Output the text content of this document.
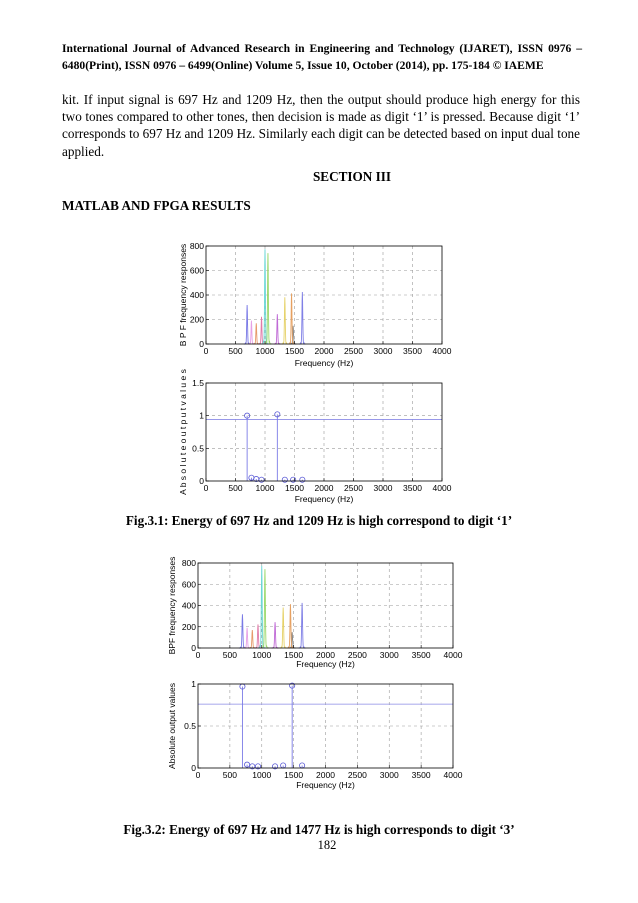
International Journal of Advanced Research in Engineering and Technology (IJARET), ISSN 0976 – 6480(Print), ISSN 0976 – 6499(Online) Volume 5, Issue 10, October (2014), pp. 175-184 © IAEME
kit. If input signal is 697 Hz and 1209 Hz, then the output should produce high energy for this two tones compared to other tones, then decision is made as digit ‘1’ is pressed. Because digit ‘1’ corresponds to 697 Hz and 1209 Hz. Similarly each digit can be detected based on input dual tone applied.
SECTION III
MATLAB AND FPGA RESULTS
0 500 1000 1500 2000 2500 3000 3500 4000
0
200
400
600
800
Frequency (Hz)
B P F frequency responses
0 500 1000 1500 2000 2500 3000 3500 4000
0
0.5
1
1.5
Frequency (Hz)
A b s o l u t e o u t p u t v a l u e s
0	500 1000 1500 2000 2500 3000 3500 4000
0
200
400
600
800
Frequency (Hz)
BPF frequency responses
0	500 1000 1500 2000 2500 3000 3500 4000
0
0.5
1
Frequency (Hz)
Absolute output values
Fig.3.1: Energy of 697 Hz and 1209 Hz is high correspond to digit ‘1’
Fig.3.2: Energy of 697 Hz and 1477 Hz is high corresponds to digit ‘3’
182
